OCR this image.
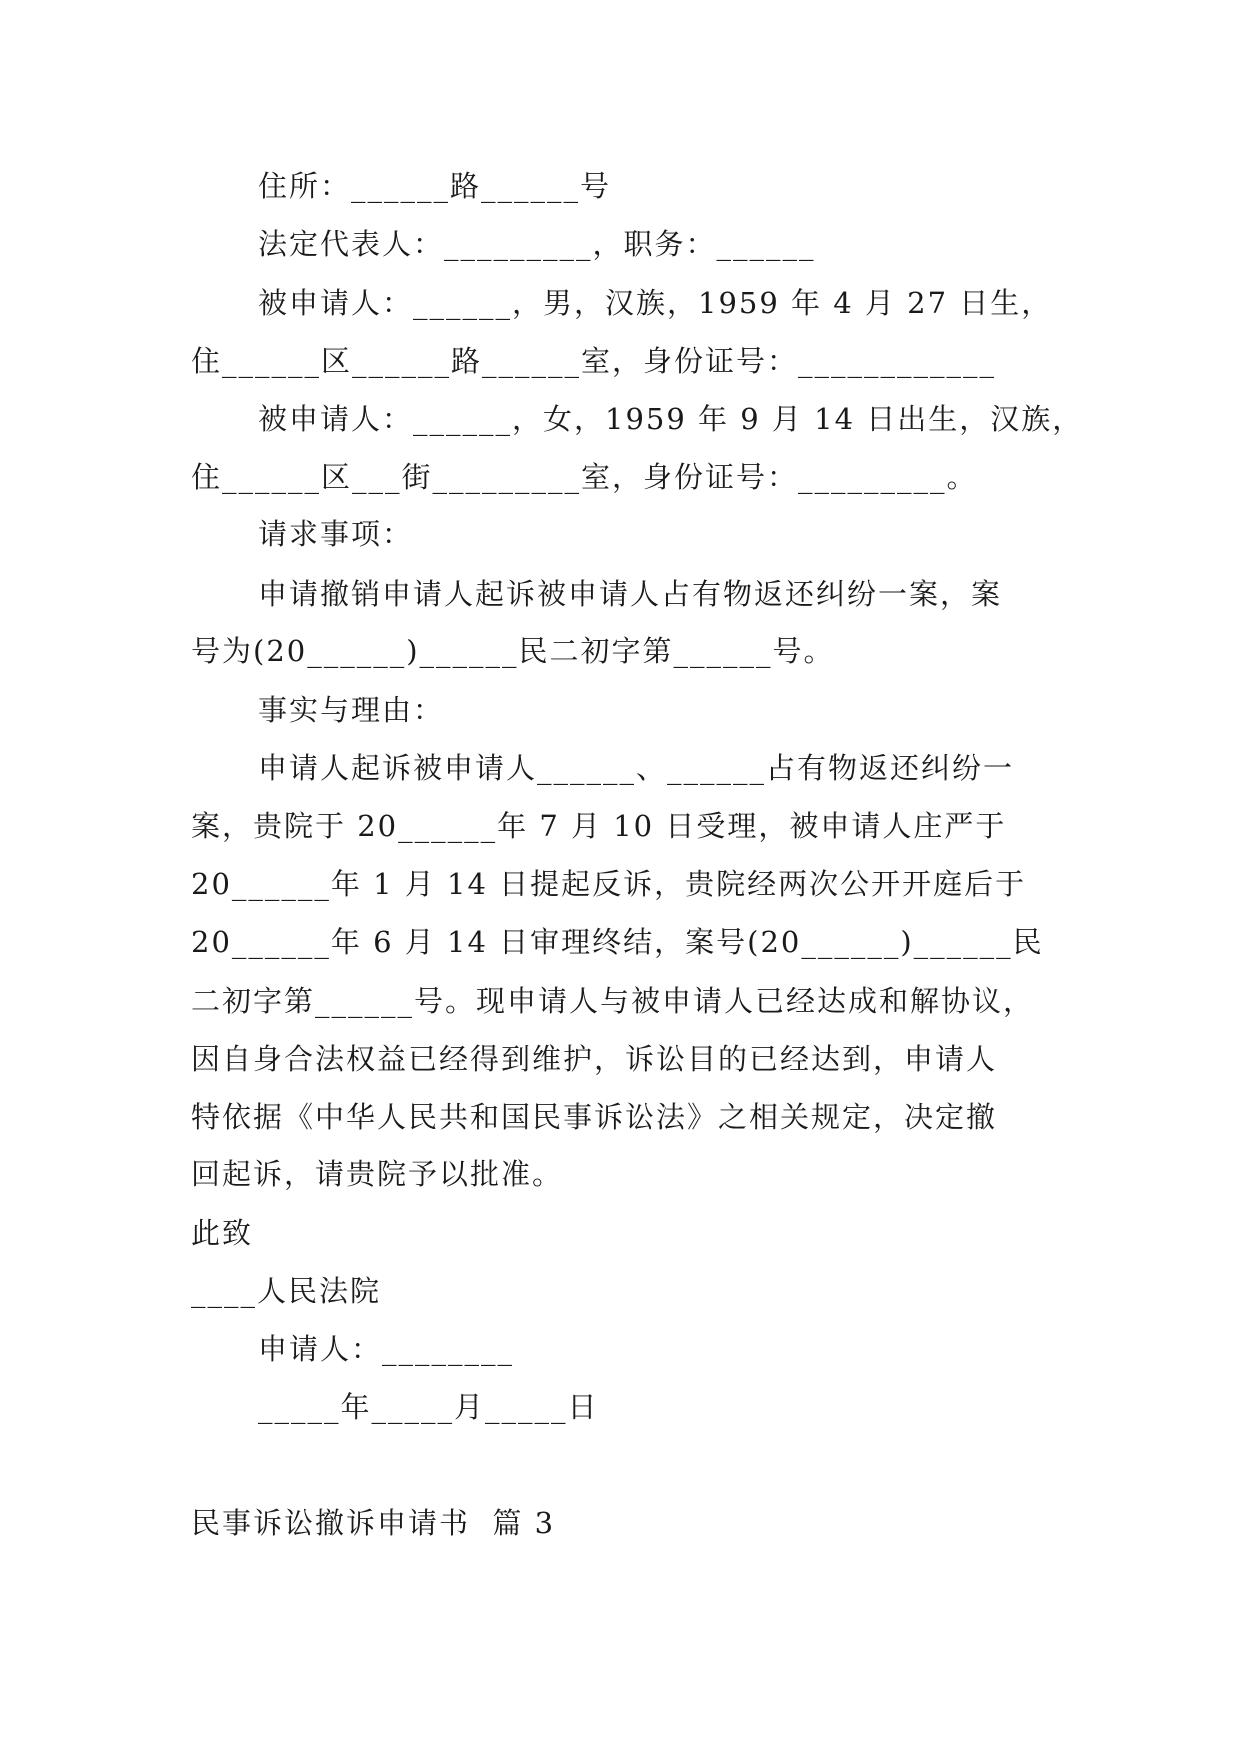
住所：______路______号
法定代表人：_________，职务：______
被申请人：______，男，汉族，1959 年 4 月 27 日生，
住______区______路______室，身份证号：____________
被申请人：______，女，1959 年 9 月 14 日出生，汉族，
住______区___街_________室，身份证号：_________。
请求事项：
申请撤销申请人起诉被申请人占有物返还纠纷一案，案
号为(20______)______民二初字第______号。
事实与理由：
申请人起诉被申请人______、______占有物返还纠纷一
案，贵院于 20______年 7 月 10 日受理，被申请人庄严于
20______年 1 月 14 日提起反诉，贵院经两次公开开庭后于
20______年 6 月 14 日审理终结，案号(20______)______民
二初字第______号。现申请人与被申请人已经达成和解协议，
因自身合法权益已经得到维护，诉讼目的已经达到，申请人
特依据《中华人民共和国民事诉讼法》之相关规定，决定撤
回起诉，请贵院予以批准。
此致
____人民法院
申请人：________
_____年_____月_____日
民事诉讼撤诉申请书  篇 3
